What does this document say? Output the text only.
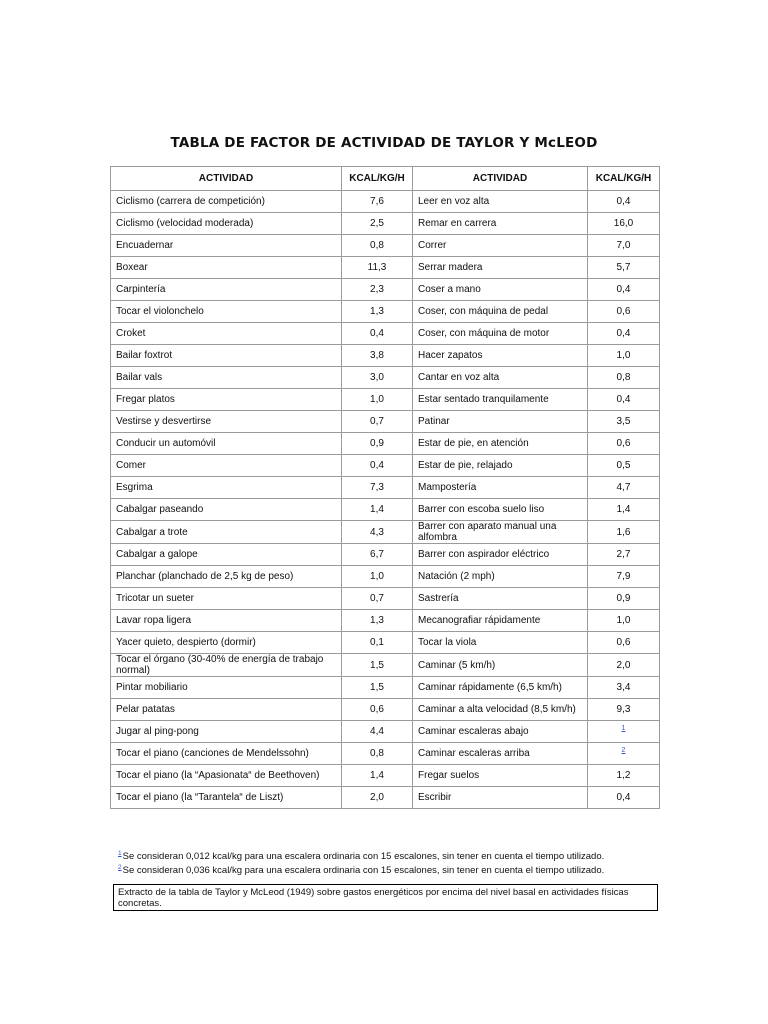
TABLA DE FACTOR DE ACTIVIDAD DE TAYLOR Y McLEOD
ACTIVIDAD	KCAL/KG/H	ACTIVIDAD	KCAL/KG/H
Ciclismo (carrera de competición)	7,6	Leer en voz alta	0,4
Ciclismo (velocidad moderada)	2,5	Remar en carrera	16,0
Encuadernar	0,8	Correr	7,0
Boxear	11,3	Serrar madera	5,7
Carpintería	2,3	Coser a mano	0,4
Tocar el violonchelo	1,3	Coser, con máquina de pedal	0,6
Croket	0,4	Coser, con máquina de motor	0,4
Bailar foxtrot	3,8	Hacer zapatos	1,0
Bailar vals	3,0	Cantar en voz alta	0,8
Fregar platos	1,0	Estar sentado tranquilamente	0,4
Vestirse y desvertirse	0,7	Patinar	3,5
Conducir un automóvil	0,9	Estar de pie, en atención	0,6
Comer	0,4	Estar de pie, relajado	0,5
Esgrima	7,3	Mampostería	4,7
Cabalgar paseando	1,4	Barrer con escoba suelo liso	1,4
Cabalgar a trote	4,3	Barrer con aparato manual una alfombra	1,6
Cabalgar a galope	6,7	Barrer con aspirador eléctrico	2,7
Planchar (planchado de 2,5 kg de peso)	1,0	Natación (2 mph)	7,9
Tricotar un sueter	0,7	Sastrería	0,9
Lavar ropa ligera	1,3	Mecanografiar rápidamente	1,0
Yacer quieto, despierto (dormir)	0,1	Tocar la viola	0,6
Tocar el órgano (30-40% de energía de trabajo normal)	1,5	Caminar (5 km/h)	2,0
Pintar mobiliario	1,5	Caminar rápidamente (6,5 km/h)	3,4
Pelar patatas	0,6	Caminar a alta velocidad (8,5 km/h)	9,3
Jugar al ping-pong	4,4	Caminar escaleras abajo	$^1$
Tocar el piano (canciones de Mendelssohn)	0,8	Caminar escaleras arriba	$^2$
Tocar el piano (la “Apasionata“ de Beethoven)	1,4	Fregar suelos	1,2
Tocar el piano (la “Tarantela“ de Liszt)	2,0	Escribir	0,4
$^1$Se consideran 0,012 kcal/kg para una escalera ordinaria con 15 escalones, sin tener en cuenta el tiempo utilizado.
$^2$Se consideran 0,036 kcal/kg para una escalera ordinaria con 15 escalones, sin tener en cuenta el tiempo utilizado.
Extracto de la tabla de Taylor y McLeod (1949) sobre gastos energéticos por encima del nivel basal en actividades físicas concretas.
